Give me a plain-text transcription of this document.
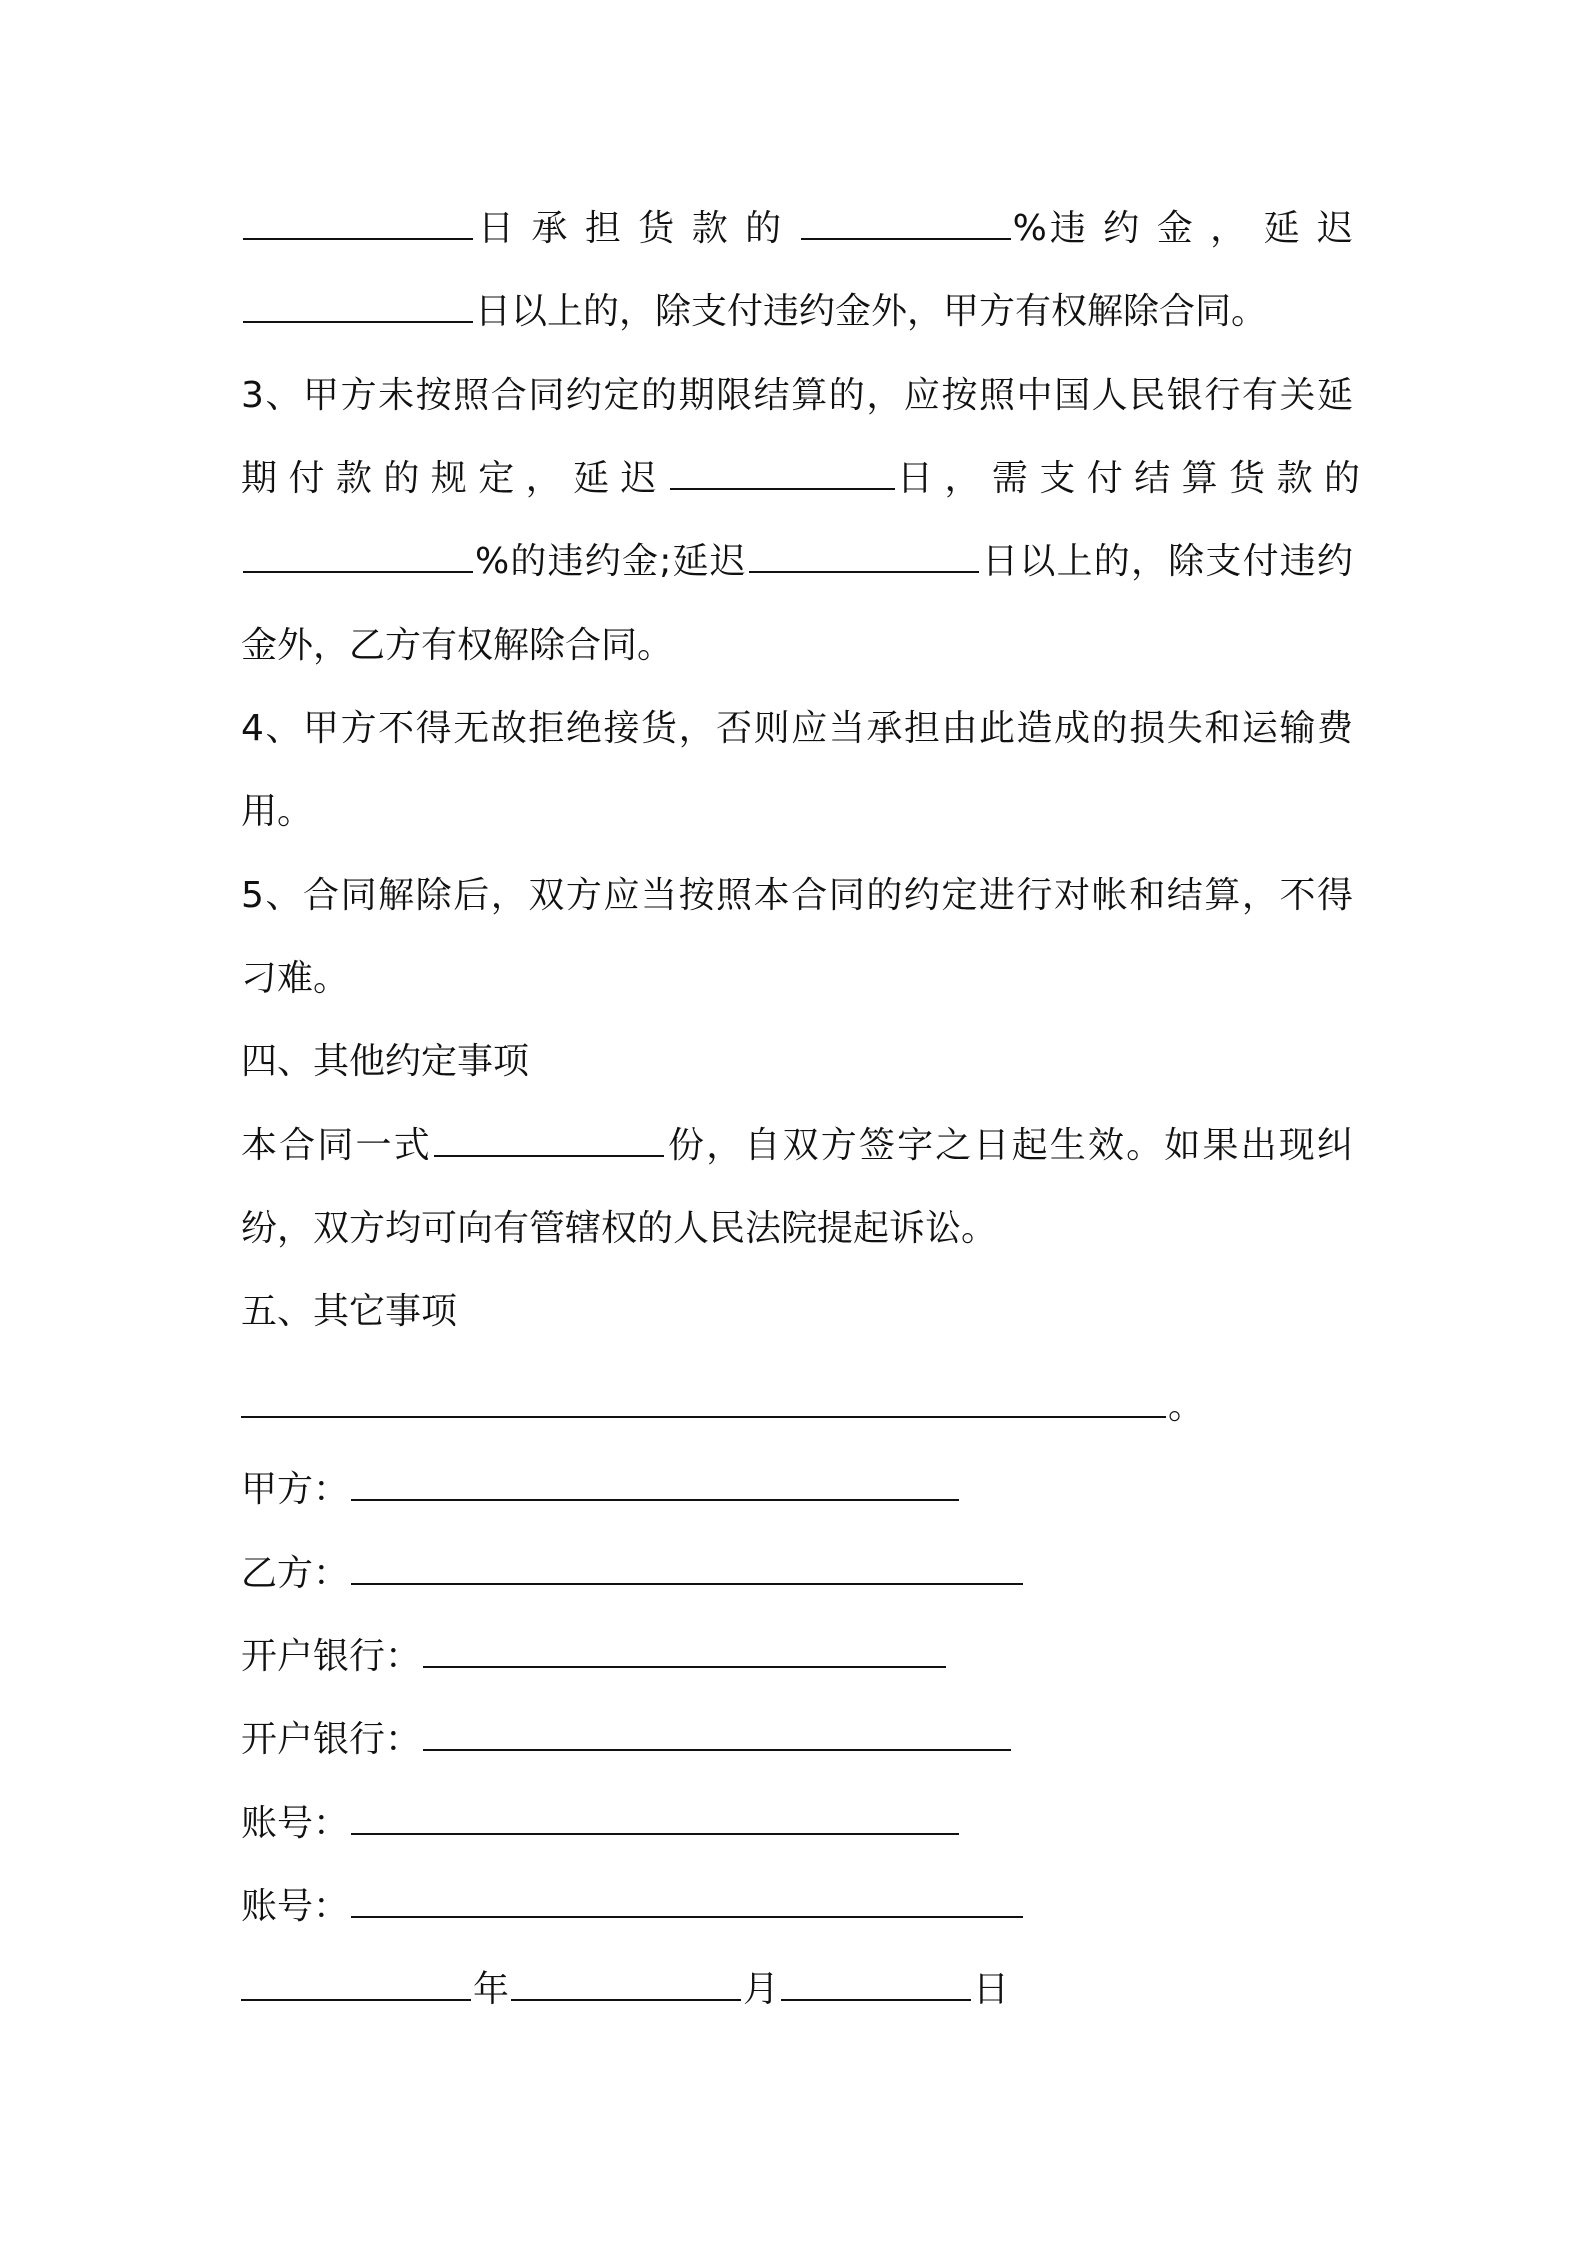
日 承 担 货 款 的	%违 约 金 ， 延 迟
日以上的，除支付违约金外，甲方有权解除合同。
3、甲方未按照合同约定的期限结算的，应按照中国人民银行有关延
期 付 款 的 规 定 ， 延 迟	日 ， 需 支 付 结 算 货 款 的
%的违约金;延迟	日以上的，除支付违约
金外，乙方有权解除合同。
4、甲方不得无故拒绝接货，否则应当承担由此造成的损失和运输费
用。
5、合同解除后，双方应当按照本合同的约定进行对帐和结算，不得
刁难。
四、其他约定事项
本合同一式	份，自双方签字之日起生效。如果出现纠
纷，双方均可向有管辖权的人民法院提起诉讼。
五、其它事项
。
甲方：
乙方：
开户银行：
开户银行：
账号：
账号：
年	月	日
